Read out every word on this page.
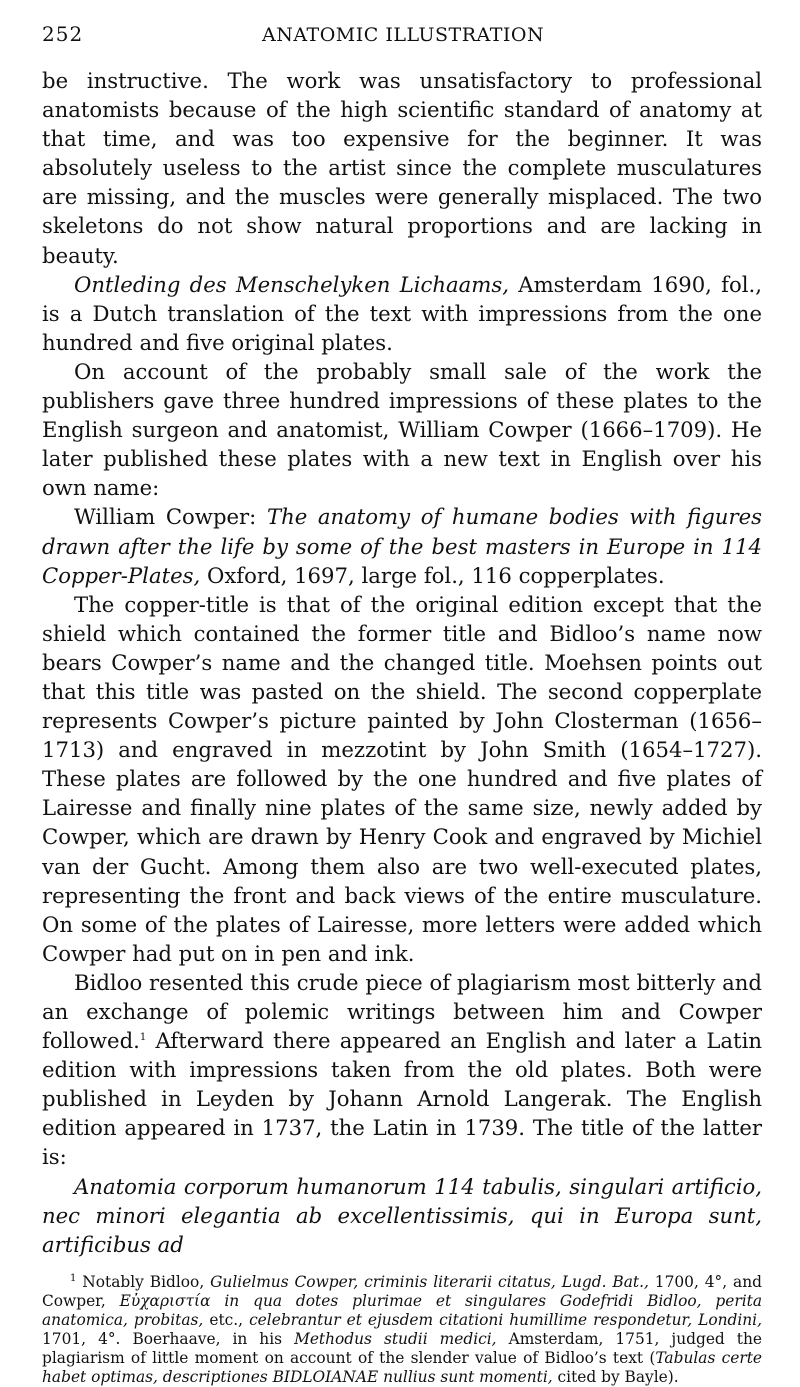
252	ANATOMIC ILLUSTRATION

be instructive. The work was unsatisfactory to professional anatomists because of the high scientific standard of anatomy at that time, and was too expensive for the beginner. It was absolutely useless to the artist since the complete musculatures are missing, and the muscles were generally misplaced. The two skeletons do not show natural proportions and are lacking in beauty.

Ontleding des Menschelyken Lichaams, Amsterdam 1690, fol., is a Dutch translation of the text with impressions from the one hundred and five original plates.

On account of the probably small sale of the work the publishers gave three hundred impressions of these plates to the English surgeon and anatomist, William Cowper (1666–1709). He later published these plates with a new text in English over his own name:

William Cowper: The anatomy of humane bodies with figures drawn after the life by some of the best masters in Europe in 114 Copper-Plates, Oxford, 1697, large fol., 116 copperplates.

The copper-title is that of the original edition except that the shield which contained the former title and Bidloo’s name now bears Cowper’s name and the changed title. Moehsen points out that this title was pasted on the shield. The second copperplate represents Cowper’s picture painted by John Closterman (1656–1713) and engraved in mezzotint by John Smith (1654–1727). These plates are followed by the one hundred and five plates of Lairesse and finally nine plates of the same size, newly added by Cowper, which are drawn by Henry Cook and engraved by Michiel van der Gucht. Among them also are two well-executed plates, representing the front and back views of the entire musculature. On some of the plates of Lairesse, more letters were added which Cowper had put on in pen and ink.

Bidloo resented this crude piece of plagiarism most bitterly and an exchange of polemic writings between him and Cowper followed.$^1$ Afterward there appeared an English and later a Latin edition with impressions taken from the old plates. Both were published in Leyden by Johann Arnold Langerak. The English edition appeared in 1737, the Latin in 1739. The title of the latter is:

Anatomia corporum humanorum 114 tabulis, singulari artificio, nec minori elegantia ab excellentissimis, qui in Europa sunt, artificibus ad

$^1$ Notably Bidloo, Gulielmus Cowper, criminis literarii citatus, Lugd. Bat., 1700, 4°, and Cowper, Εὐχαριστία in qua dotes plurimae et singulares Godefridi Bidloo, perita anatomica, probitas, etc., celebrantur et ejusdem citationi humillime respondetur, Londini, 1701, 4°. Boerhaave, in his Methodus studii medici, Amsterdam, 1751, judged the plagiarism of little moment on account of the slender value of Bidloo’s text (Tabulas certe habet optimas, descriptiones BIDLOIANAE nullius sunt momenti, cited by Bayle).
